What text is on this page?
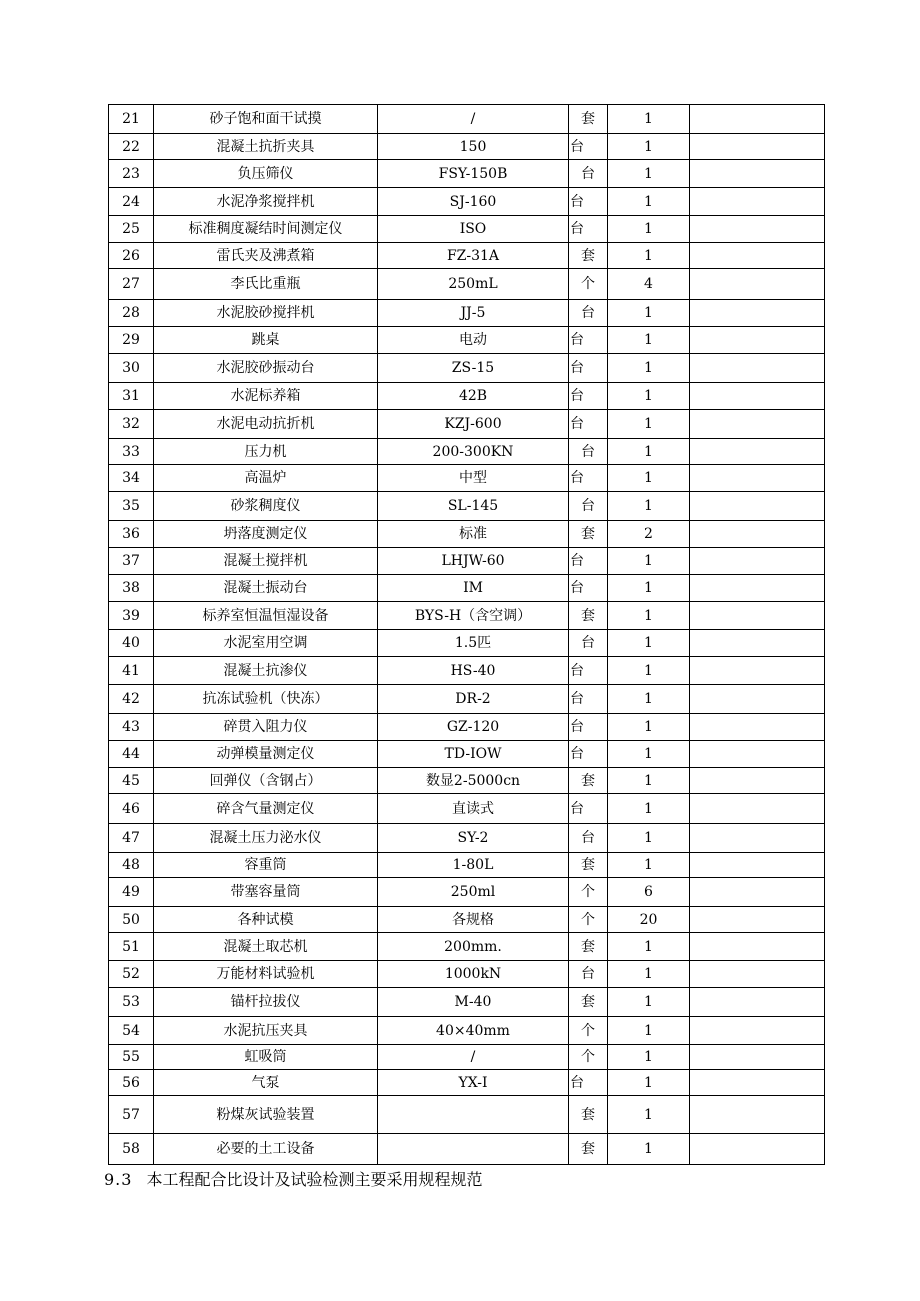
21	砂子饱和面干试摸	/	套	1	
22	混凝土抗折夹具	150	台	1	
23	负压筛仪	FSY-150B	台	1	
24	水泥净浆搅拌机	SJ-160	台	1	
25	标准稠度凝结时间测定仪	ISO	台	1	
26	雷氏夹及沸煮箱	FZ-31A	套	1	
27	李氏比重瓶	250mL	个	4	
28	水泥胶砂搅拌机	JJ-5	台	1	
29	跳桌	电动	台	1	
30	水泥胶砂振动台	ZS-15	台	1	
31	水泥标养箱	42B	台	1	
32	水泥电动抗折机	KZJ-600	台	1	
33	压力机	200-300KN	台	1	
34	高温炉	中型	台	1	
35	砂浆稠度仪	SL-145	台	1	
36	坍落度测定仪	标准	套	2	
37	混凝土搅拌机	LHJW-60	台	1	
38	混凝土振动台	IM	台	1	
39	标养室恒温恒湿设备	BYS-H（含空调）	套	1	
40	水泥室用空调	1.5匹	台	1	
41	混凝土抗渗仪	HS-40	台	1	
42	抗冻试验机（快冻）	DR-2	台	1	
43	碎贯入阻力仪	GZ-120	台	1	
44	动弹模量测定仪	TD-IOW	台	1	
45	回弹仪（含钢占）	数显2-5000cn	套	1	
46	碎含气量测定仪	直读式	台	1	
47	混凝土压力泌水仪	SY-2	台	1	
48	容重筒	1-80L	套	1	
49	带塞容量筒	250ml	个	6	
50	各种试模	各规格	个	20	
51	混凝土取芯机	200mm.	套	1	
52	万能材料试验机	1000kN	台	1	
53	锚杆拉拔仪	M-40	套	1	
54	水泥抗压夹具	40×40mm	个	1	
55	虹吸筒	/	个	1	
56	气泵	YX-I	台	1	
57	粉煤灰试验装置		套	1	
58	必要的土工设备		套	1	
9.3 本工程配合比设计及试验检测主要采用规程规范
